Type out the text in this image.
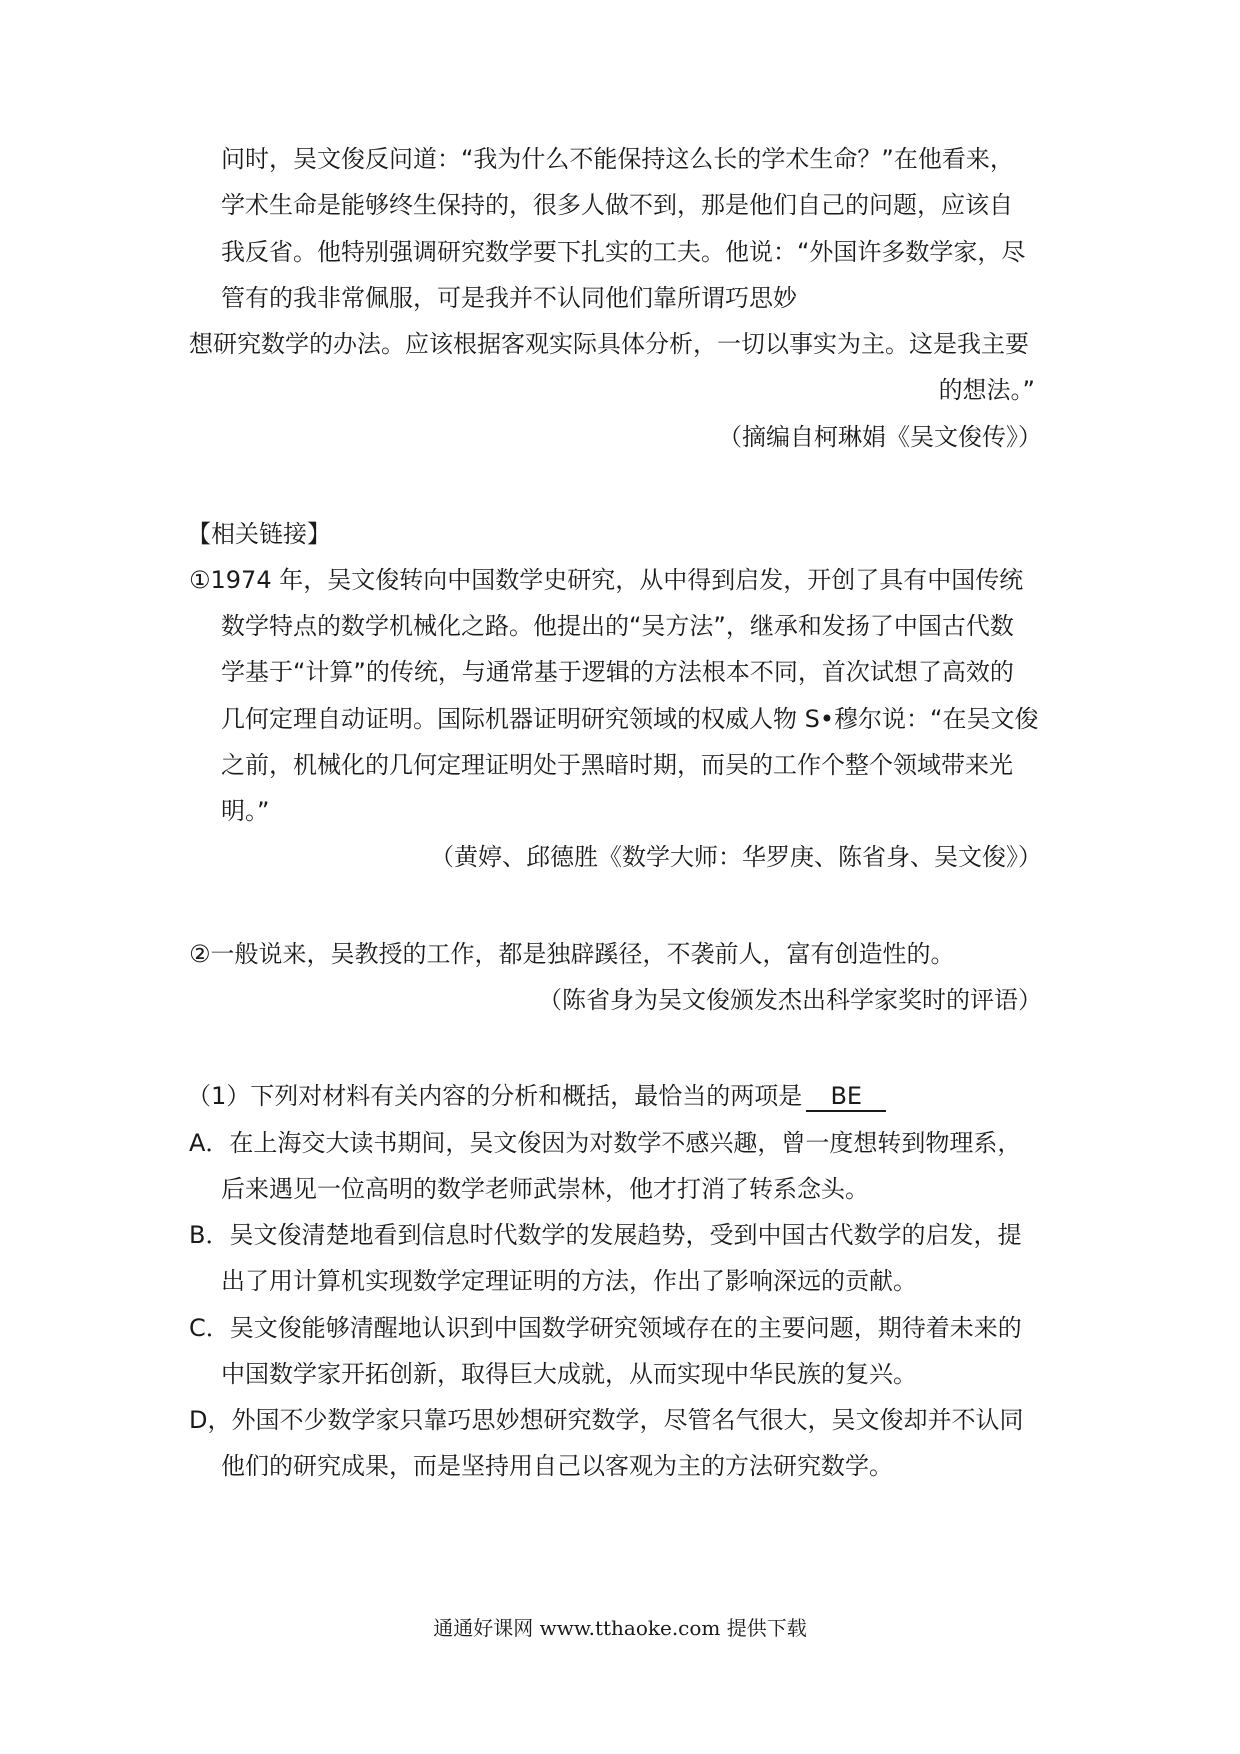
问时，吴文俊反问道：“我为什么不能保持这么长的学术生命？”在他看来，
学术生命是能够终生保持的，很多人做不到，那是他们自己的问题，应该自
我反省。他特别强调研究数学要下扎实的工夫。他说：“外国许多数学家，尽
管有的我非常佩服，可是我并不认同他们靠所谓巧思妙
想研究数学的办法。应该根据客观实际具体分析，一切以事实为主。这是我主要
的想法。”
（摘编自柯琳娟《吴文俊传》）
【相关链接】
①1974 年，吴文俊转向中国数学史研究，从中得到启发，开创了具有中国传统
数学特点的数学机械化之路。他提出的“吴方法”，继承和发扬了中国古代数
学基于“计算”的传统，与通常基于逻辑的方法根本不同，首次试想了高效的
几何定理自动证明。国际机器证明研究领域的权威人物 S•穆尔说：“在吴文俊
之前，机械化的几何定理证明处于黑暗时期，而吴的工作个整个领域带来光
明。”
（黄婷、邱德胜《数学大师：华罗庚、陈省身、吴文俊》）
②一般说来，吴教授的工作，都是独辟蹊径，不袭前人，富有创造性的。
（陈省身为吴文俊颁发杰出科学家奖时的评语）
（1）下列对材料有关内容的分析和概括，最恰当的两项是 BE
A．在上海交大读书期间，吴文俊因为对数学不感兴趣，曾一度想转到物理系，
后来遇见一位高明的数学老师武崇林，他才打消了转系念头。
B．吴文俊清楚地看到信息时代数学的发展趋势，受到中国古代数学的启发，提
出了用计算机实现数学定理证明的方法，作出了影响深远的贡献。
C．吴文俊能够清醒地认识到中国数学研究领域存在的主要问题，期待着未来的
中国数学家开拓创新，取得巨大成就，从而实现中华民族的复兴。
D，外国不少数学家只靠巧思妙想研究数学，尽管名气很大，吴文俊却并不认同
他们的研究成果，而是坚持用自己以客观为主的方法研究数学。
通通好课网 www.tthaoke.com 提供下载
